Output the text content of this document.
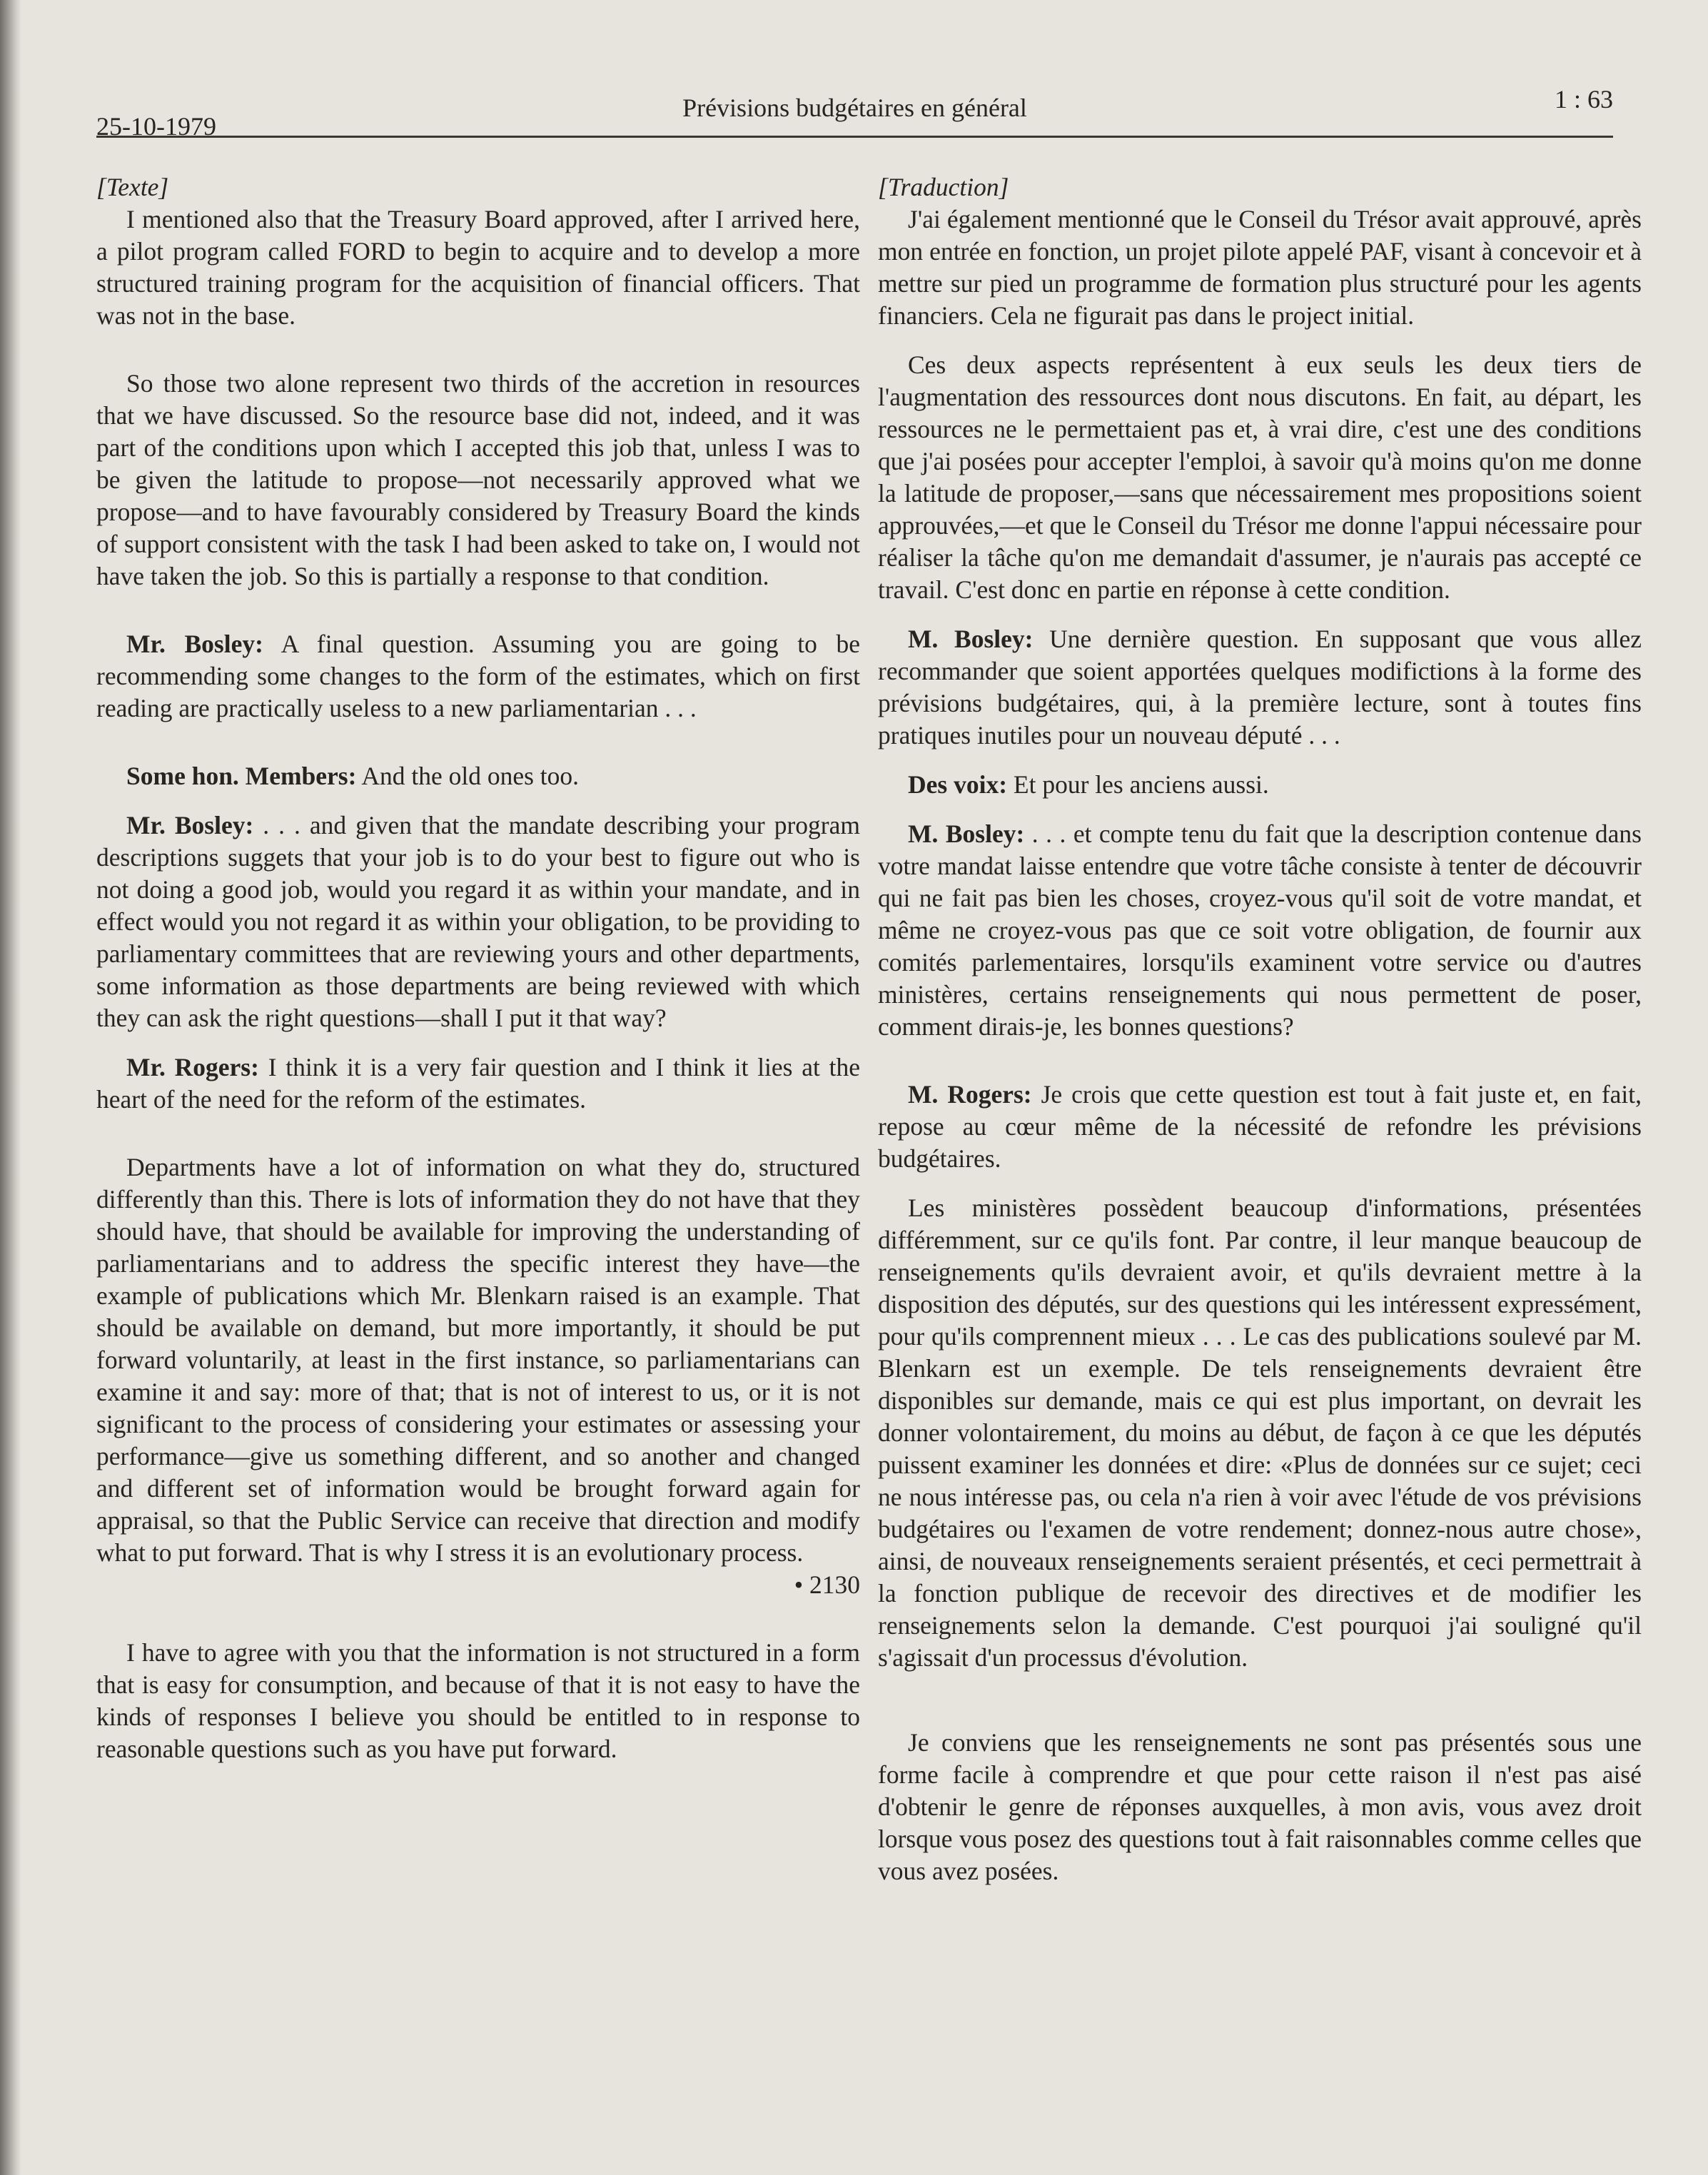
25-10-1979
Prévisions budgétaires en général	1 : 63

[Texte]

I mentioned also that the Treasury Board approved, after I arrived here, a pilot program called FORD to begin to acquire and to develop a more structured training program for the acquisition of financial officers. That was not in the base.

So those two alone represent two thirds of the accretion in resources that we have discussed. So the resource base did not, indeed, and it was part of the conditions upon which I accepted this job that, unless I was to be given the latitude to propose—not necessarily approved what we propose—and to have favourably considered by Treasury Board the kinds of support consistent with the task I had been asked to take on, I would not have taken the job. So this is partially a response to that condition.

Mr. Bosley: A final question. Assuming you are going to be recommending some changes to the form of the estimates, which on first reading are practically useless to a new parliamentarian . . .

Some hon. Members: And the old ones too.

Mr. Bosley: . . . and given that the mandate describing your program descriptions suggets that your job is to do your best to figure out who is not doing a good job, would you regard it as within your mandate, and in effect would you not regard it as within your obligation, to be providing to parliamentary committees that are reviewing yours and other departments, some information as those departments are being reviewed with which they can ask the right questions—shall I put it that way?

Mr. Rogers: I think it is a very fair question and I think it lies at the heart of the need for the reform of the estimates.

Departments have a lot of information on what they do, structured differently than this. There is lots of information they do not have that they should have, that should be available for improving the understanding of parliamentarians and to address the specific interest they have—the example of publications which Mr. Blenkarn raised is an example. That should be available on demand, but more importantly, it should be put forward voluntarily, at least in the first instance, so parliamentarians can examine it and say: more of that; that is not of interest to us, or it is not significant to the process of considering your estimates or assessing your performance—give us something different, and so another and changed and different set of information would be brought forward again for appraisal, so that the Public Service can receive that direction and modify what to put forward. That is why I stress it is an evolutionary process.

• 2130

I have to agree with you that the information is not structured in a form that is easy for consumption, and because of that it is not easy to have the kinds of responses I believe you should be entitled to in response to reasonable questions such as you have put forward.

[Traduction]

J'ai également mentionné que le Conseil du Trésor avait approuvé, après mon entrée en fonction, un projet pilote appelé PAF, visant à concevoir et à mettre sur pied un programme de formation plus structuré pour les agents financiers. Cela ne figurait pas dans le project initial.

Ces deux aspects représentent à eux seuls les deux tiers de l'augmentation des ressources dont nous discutons. En fait, au départ, les ressources ne le permettaient pas et, à vrai dire, c'est une des conditions que j'ai posées pour accepter l'emploi, à savoir qu'à moins qu'on me donne la latitude de proposer,—sans que nécessairement mes propositions soient approuvées,—et que le Conseil du Trésor me donne l'appui nécessaire pour réaliser la tâche qu'on me demandait d'assumer, je n'aurais pas accepté ce travail. C'est donc en partie en réponse à cette condition.

M. Bosley: Une dernière question. En supposant que vous allez recommander que soient apportées quelques modifictions à la forme des prévisions budgétaires, qui, à la première lecture, sont à toutes fins pratiques inutiles pour un nouveau député . . .

Des voix: Et pour les anciens aussi.

M. Bosley: . . . et compte tenu du fait que la description contenue dans votre mandat laisse entendre que votre tâche consiste à tenter de découvrir qui ne fait pas bien les choses, croyez-vous qu'il soit de votre mandat, et même ne croyez-vous pas que ce soit votre obligation, de fournir aux comités parlementaires, lorsqu'ils examinent votre service ou d'autres ministères, certains renseignements qui nous permettent de poser, comment dirais-je, les bonnes questions?

M. Rogers: Je crois que cette question est tout à fait juste et, en fait, repose au cœur même de la nécessité de refondre les prévisions budgétaires.

Les ministères possèdent beaucoup d'informations, présentées différemment, sur ce qu'ils font. Par contre, il leur manque beaucoup de renseignements qu'ils devraient avoir, et qu'ils devraient mettre à la disposition des députés, sur des questions qui les intéressent expressément, pour qu'ils comprennent mieux . . . Le cas des publications soulevé par M. Blenkarn est un exemple. De tels renseignements devraient être disponibles sur demande, mais ce qui est plus important, on devrait les donner volontairement, du moins au début, de façon à ce que les députés puissent examiner les données et dire: «Plus de données sur ce sujet; ceci ne nous intéresse pas, ou cela n'a rien à voir avec l'étude de vos prévisions budgétaires ou l'examen de votre rendement; donnez-nous autre chose», ainsi, de nouveaux renseignements seraient présentés, et ceci permettrait à la fonction publique de recevoir des directives et de modifier les renseignements selon la demande. C'est pourquoi j'ai souligné qu'il s'agissait d'un processus d'évolution.

Je conviens que les renseignements ne sont pas présentés sous une forme facile à comprendre et que pour cette raison il n'est pas aisé d'obtenir le genre de réponses auxquelles, à mon avis, vous avez droit lorsque vous posez des questions tout à fait raisonnables comme celles que vous avez posées.
